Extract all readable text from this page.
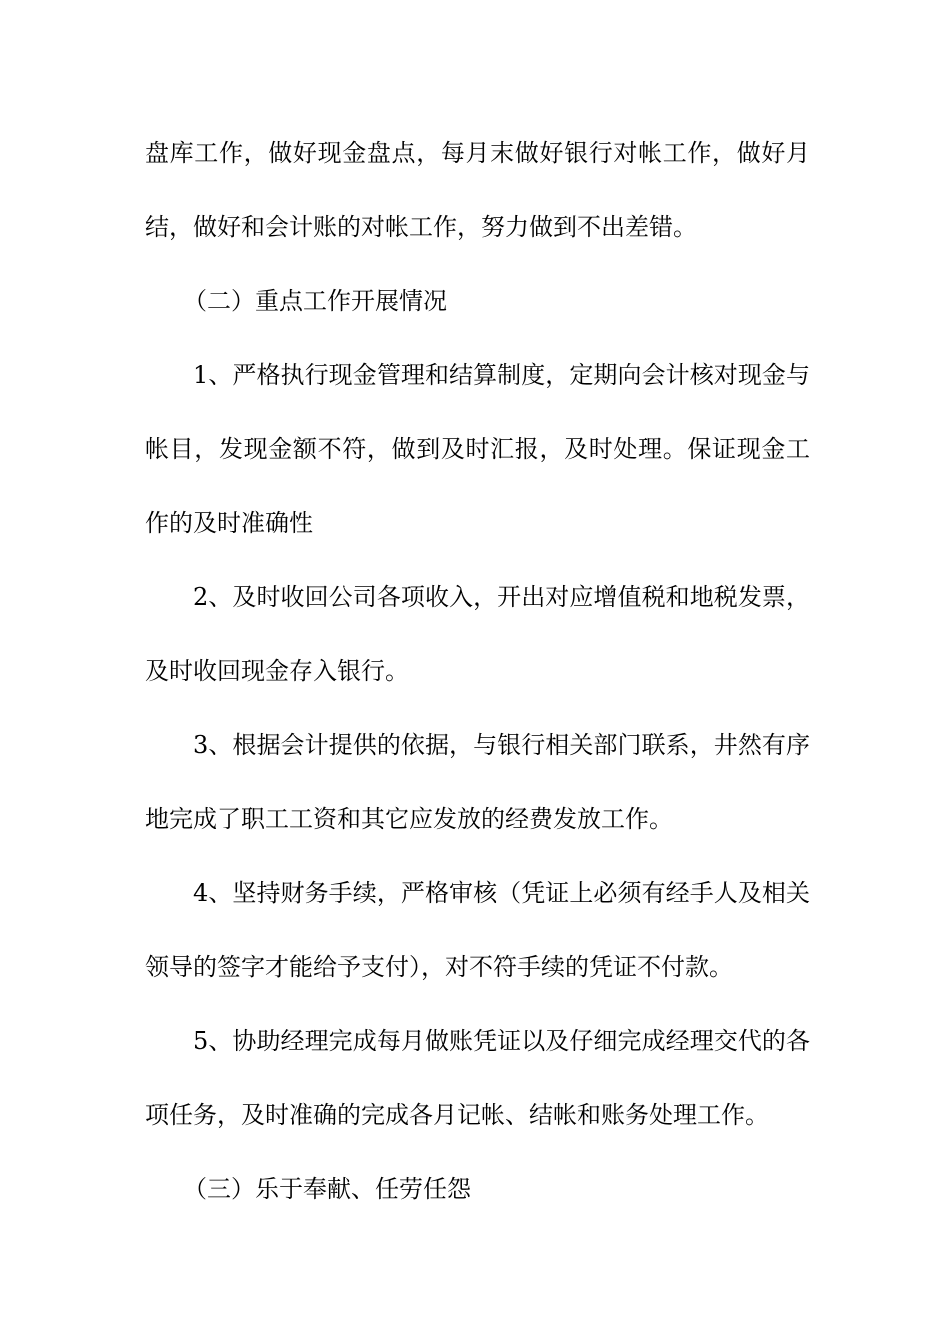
盘库工作，做好现金盘点，每月末做好银行对帐工作，做好月
结，做好和会计账的对帐工作，努力做到不出差错。
（二）重点工作开展情况
1、严格执行现金管理和结算制度，定期向会计核对现金与
帐目，发现金额不符，做到及时汇报，及时处理。保证现金工
作的及时准确性
2、及时收回公司各项收入，开出对应增值税和地税发票，
及时收回现金存入银行。
3、根据会计提供的依据，与银行相关部门联系，井然有序
地完成了职工工资和其它应发放的经费发放工作。
4、坚持财务手续，严格审核（凭证上必须有经手人及相关
领导的签字才能给予支付），对不符手续的凭证不付款。
5、协助经理完成每月做账凭证以及仔细完成经理交代的各
项任务，及时准确的完成各月记帐、结帐和账务处理工作。
（三）乐于奉献、任劳任怨
